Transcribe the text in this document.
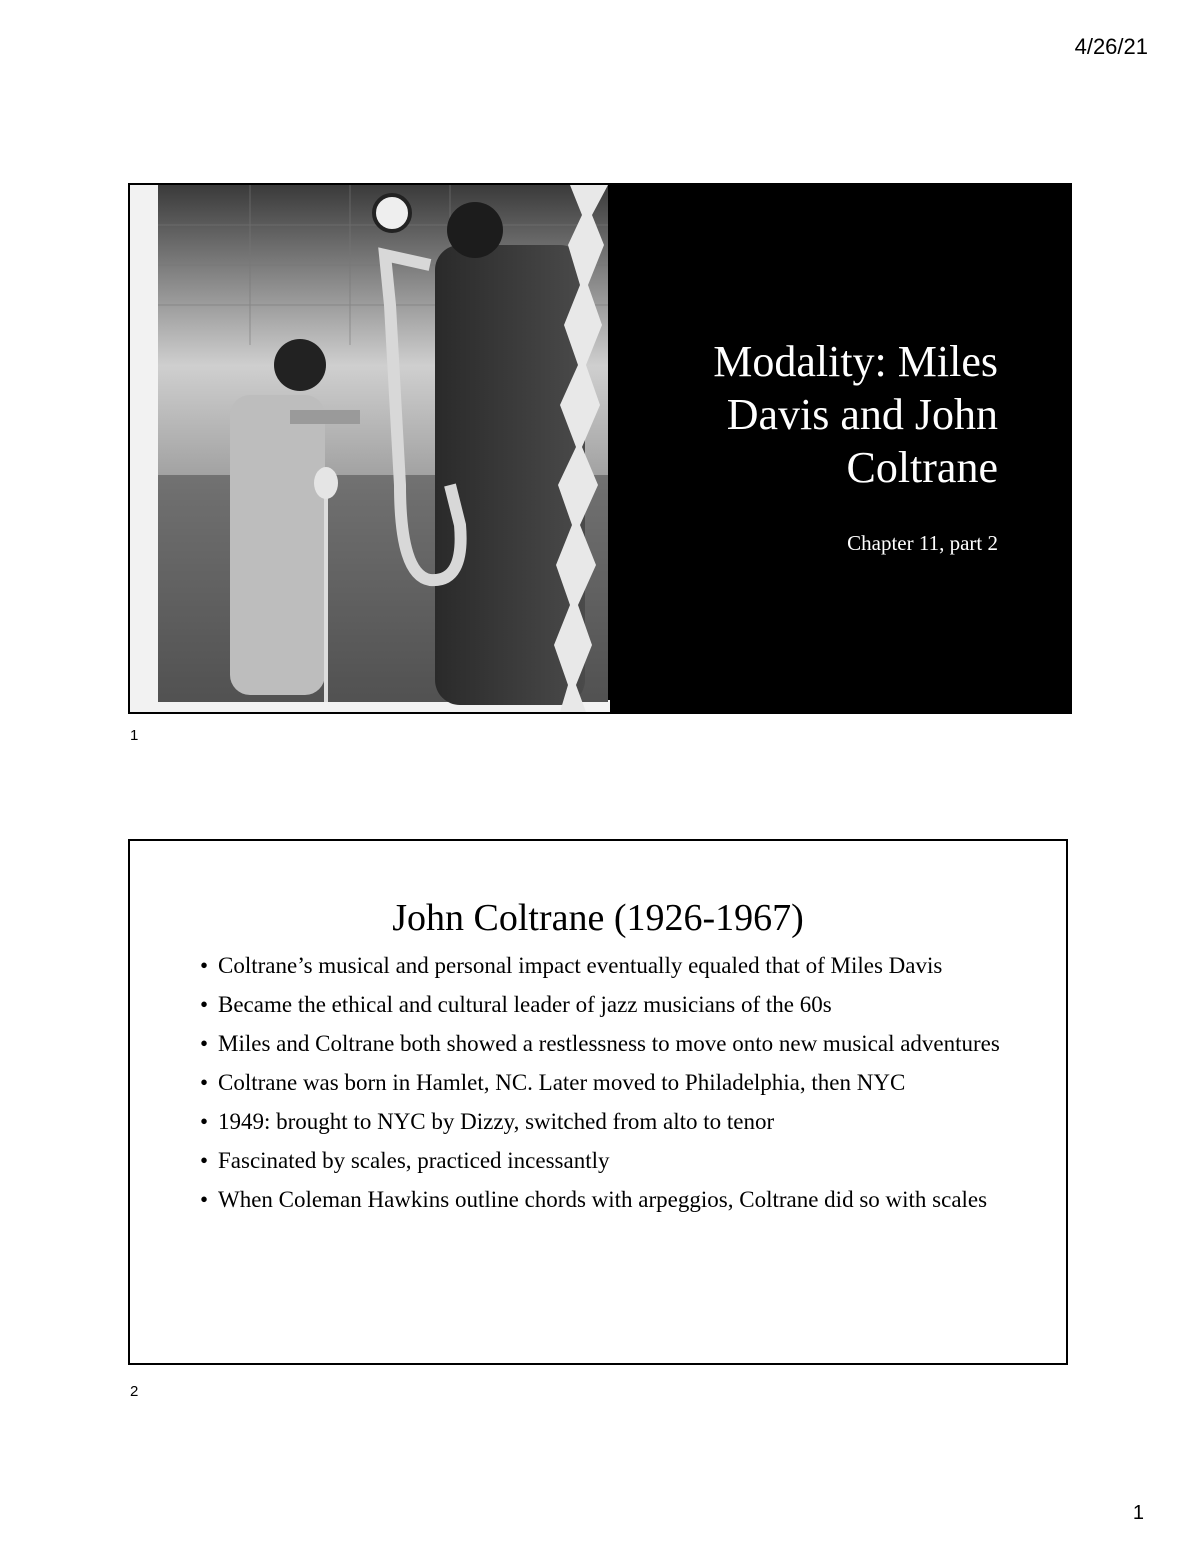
4/26/21
Modality: Miles
Davis and John
Coltrane
Chapter 11, part 2
1
John Coltrane (1926-1967)
• Coltrane’s musical and personal impact eventually equaled that of Miles Davis
• Became the ethical and cultural leader of jazz musicians of the 60s
• Miles and Coltrane both showed a restlessness to move onto new musical adventures
• Coltrane was born in Hamlet, NC. Later moved to Philadelphia, then NYC
• 1949: brought to NYC by Dizzy, switched from alto to tenor
• Fascinated by scales, practiced incessantly
• When Coleman Hawkins outline chords with arpeggios, Coltrane did so with scales
2
1
